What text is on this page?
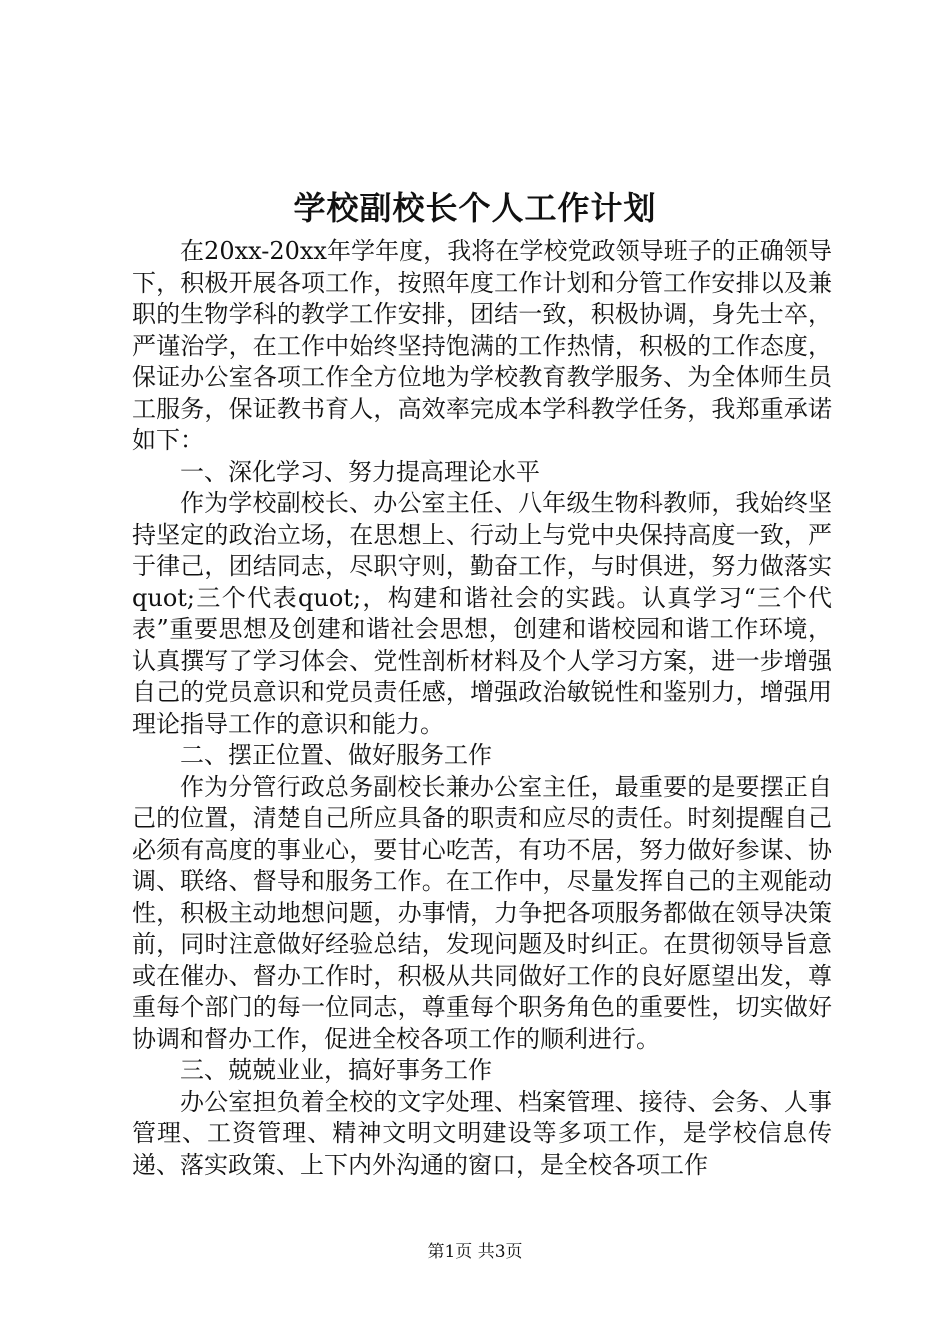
学校副校长个人工作计划

在20xx-20xx年学年度，我将在学校党政领导班子的正确领导下，积极开展各项工作，按照年度工作计划和分管工作安排以及兼职的生物学科的教学工作安排，团结一致，积极协调，身先士卒，严谨治学，在工作中始终坚持饱满的工作热情，积极的工作态度，保证办公室各项工作全方位地为学校教育教学服务、为全体师生员工服务，保证教书育人，高效率完成本学科教学任务，我郑重承诺如下：

一、深化学习、努力提高理论水平

作为学校副校长、办公室主任、八年级生物科教师，我始终坚持坚定的政治立场，在思想上、行动上与党中央保持高度一致，严于律己，团结同志，尽职守则，勤奋工作，与时俱进，努力做落实quot;三个代表quot;，构建和谐社会的实践。认真学习“三个代表”重要思想及创建和谐社会思想，创建和谐校园和谐工作环境，认真撰写了学习体会、党性剖析材料及个人学习方案，进一步增强自己的党员意识和党员责任感，增强政治敏锐性和鉴别力，增强用理论指导工作的意识和能力。

二、摆正位置、做好服务工作

作为分管行政总务副校长兼办公室主任，最重要的是要摆正自己的位置，清楚自己所应具备的职责和应尽的责任。时刻提醒自己必须有高度的事业心，要甘心吃苦，有功不居，努力做好参谋、协调、联络、督导和服务工作。在工作中，尽量发挥自己的主观能动性，积极主动地想问题，办事情，力争把各项服务都做在领导决策前，同时注意做好经验总结，发现问题及时纠正。在贯彻领导旨意或在催办、督办工作时，积极从共同做好工作的良好愿望出发，尊重每个部门的每一位同志，尊重每个职务角色的重要性，切实做好协调和督办工作，促进全校各项工作的顺利进行。

三、兢兢业业，搞好事务工作

办公室担负着全校的文字处理、档案管理、接待、会务、人事管理、工资管理、精神文明文明建设等多项工作，是学校信息传递、落实政策、上下内外沟通的窗口，是全校各项工作

第1页 共3页
